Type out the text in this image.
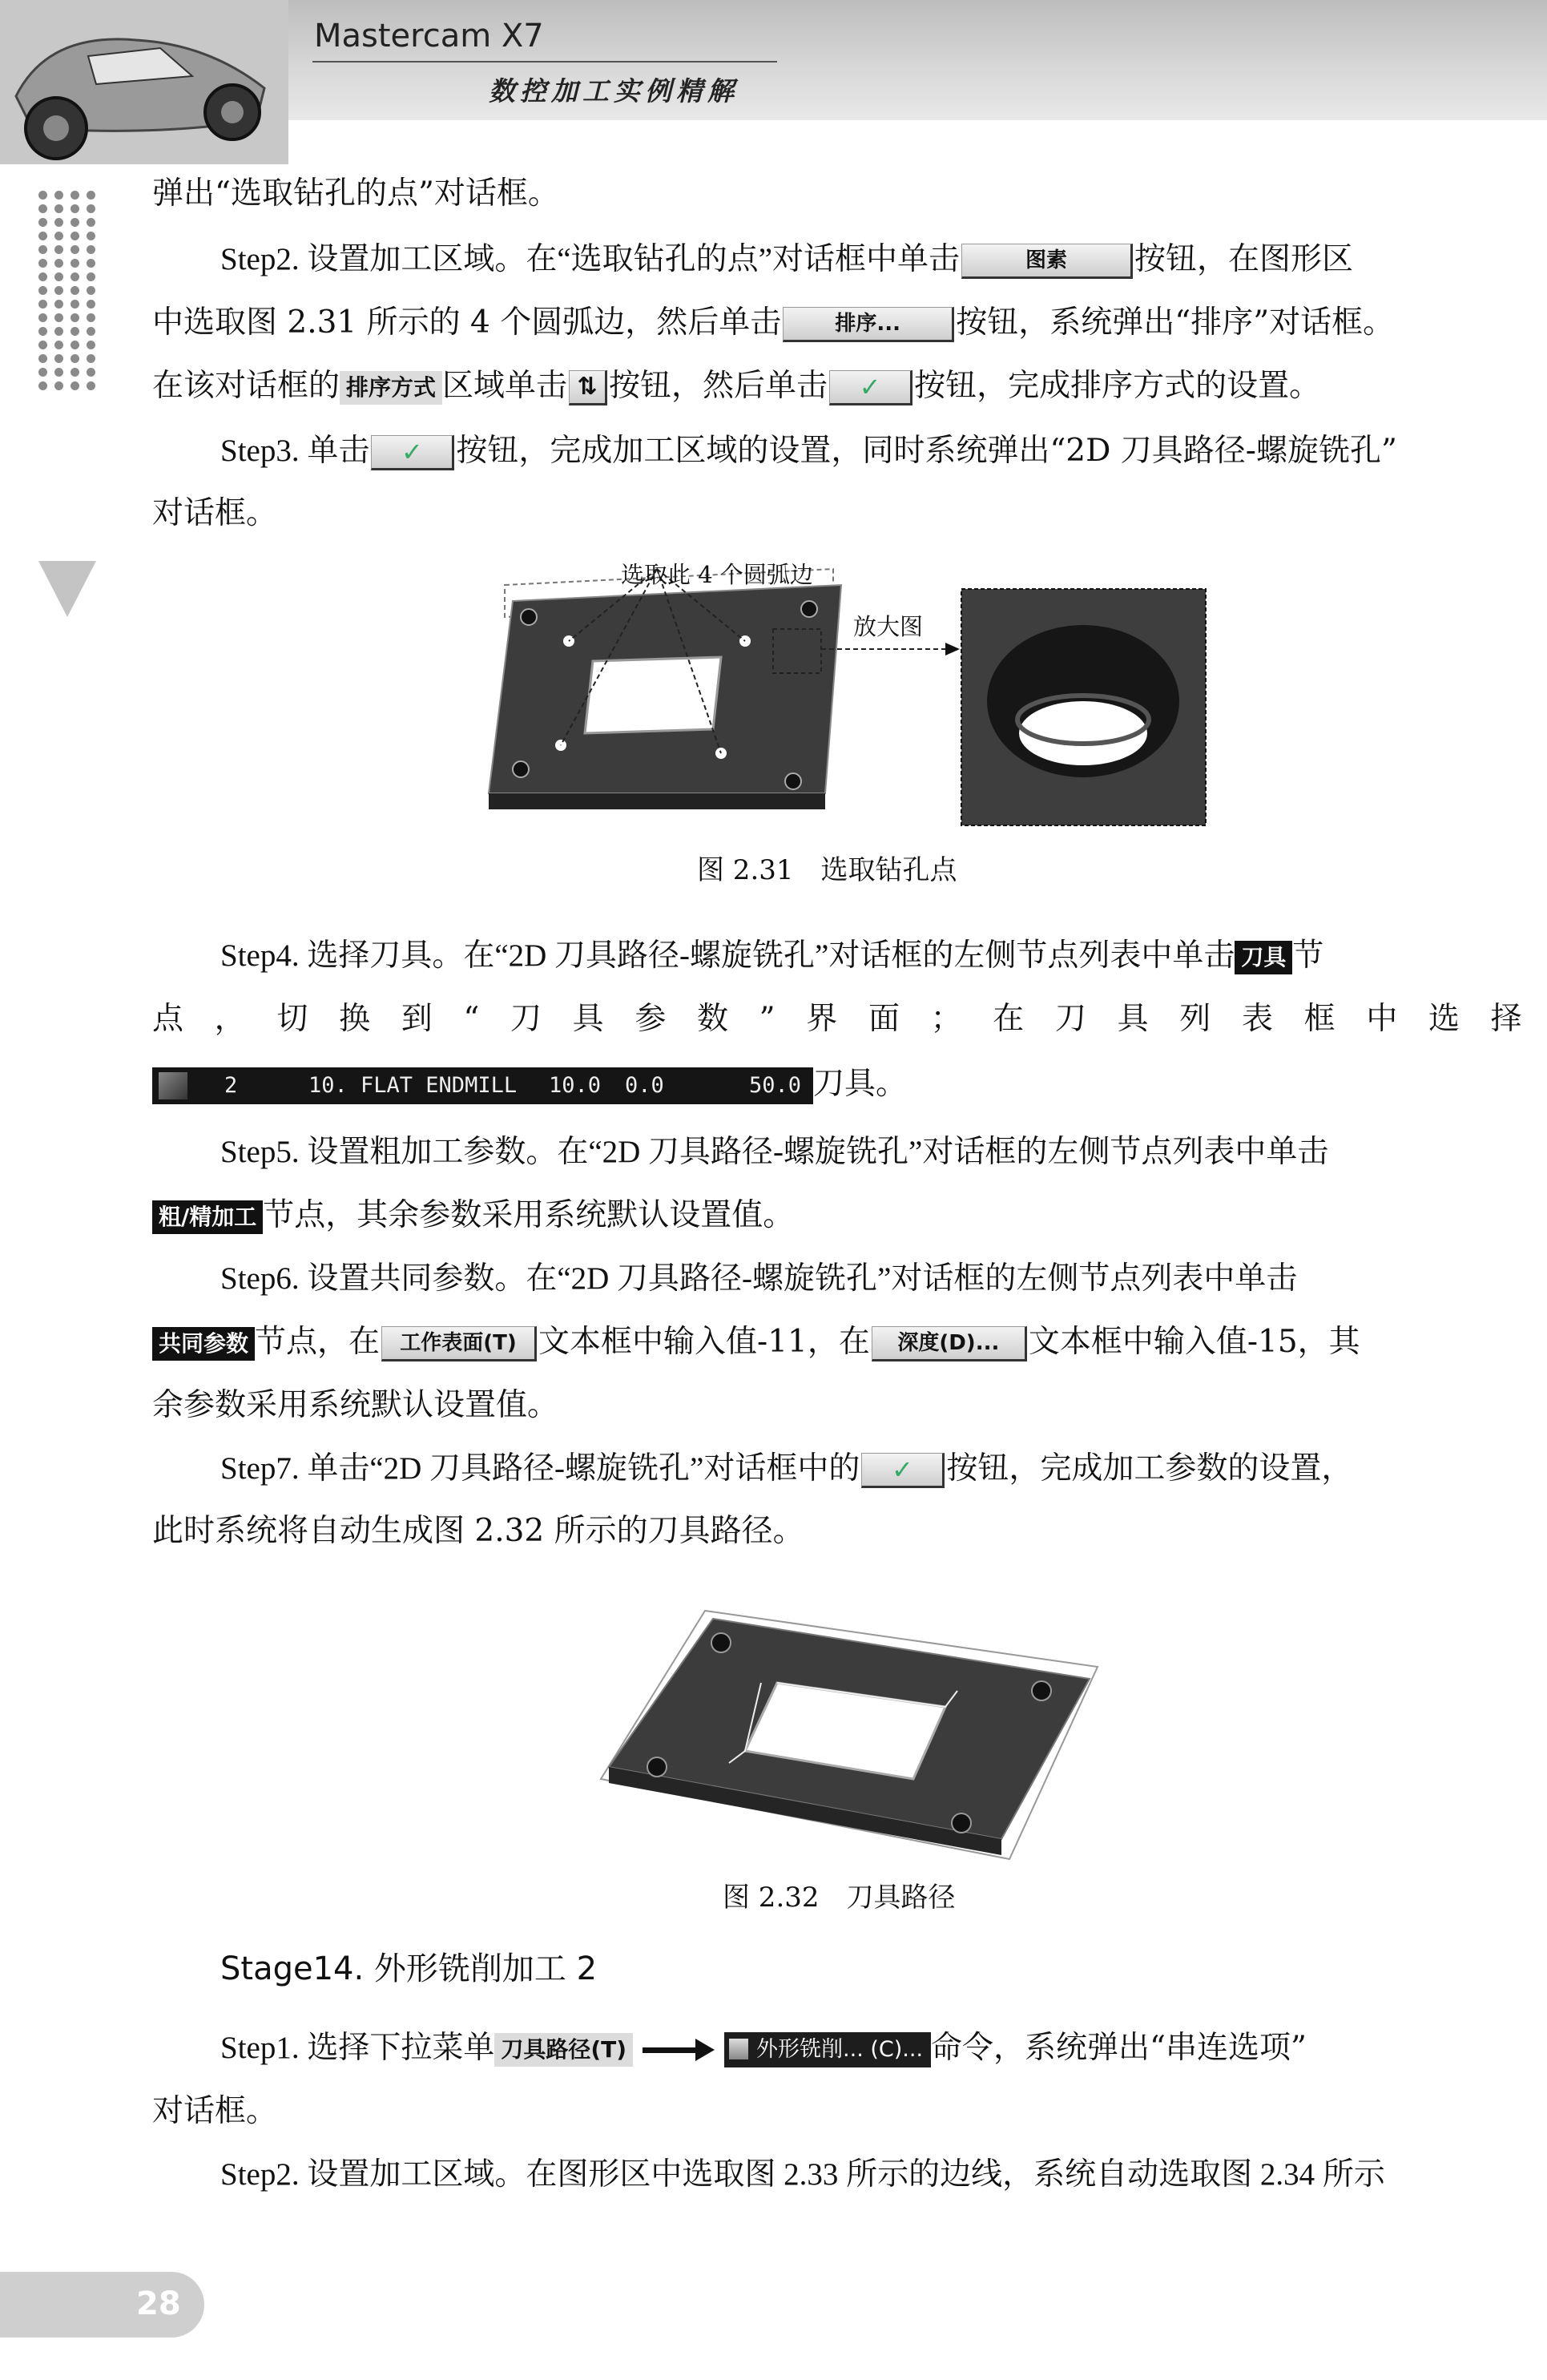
Mastercam X7
数控加工实例精解
弹出“选取钻孔的点”对话框。
Step2. 设置加工区域。在“选取钻孔的点”对话框中单击	图素 按钮，在图形区
中选取图 2.31 所示的 4 个圆弧边，然后单击	排序... 按钮，系统弹出“排序”对话框。
在该对话框的 排序方式 区域单击 ⇅ 按钮，然后单击 ✓ 按钮，完成排序方式的设置。
Step3. 单击 ✓ 按钮，完成加工区域的设置，同时系统弹出“2D 刀具路径-螺旋铣孔”
对话框。
选取此 4 个圆弧边
放大图
图 2.31　选取钻孔点
Step4. 选择刀具。在“2D 刀具路径-螺旋铣孔”对话框的左侧节点列表中单击 刀具 节
点 ， 切 换 到 “ 刀 具 参 数 ” 界 面 ； 在 刀 具 列 表 框 中 选 择
2	10. FLAT ENDMILL 10.0 0.0	50.0 刀具。
Step5. 设置粗加工参数。在“2D 刀具路径-螺旋铣孔”对话框的左侧节点列表中单击
粗/精加工 节点，其余参数采用系统默认设置值。
Step6. 设置共同参数。在“2D 刀具路径-螺旋铣孔”对话框的左侧节点列表中单击
共同参数 节点，在 工作表面(T) 文本框中输入值-11，在 深度(D)... 文本框中输入值-15，其
余参数采用系统默认设置值。
Step7. 单击“2D 刀具路径-螺旋铣孔”对话框中的 ✓ 按钮，完成加工参数的设置，
此时系统将自动生成图 2.32 所示的刀具路径。
图 2.32　刀具路径
Stage14. 外形铣削加工 2
Step1. 选择下拉菜单 刀具路径(T)	外形铣削... (C)... 命令，系统弹出“串连选项”
对话框。
Step2. 设置加工区域。在图形区中选取图 2.33 所示的边线，系统自动选取图 2.34 所示
28
